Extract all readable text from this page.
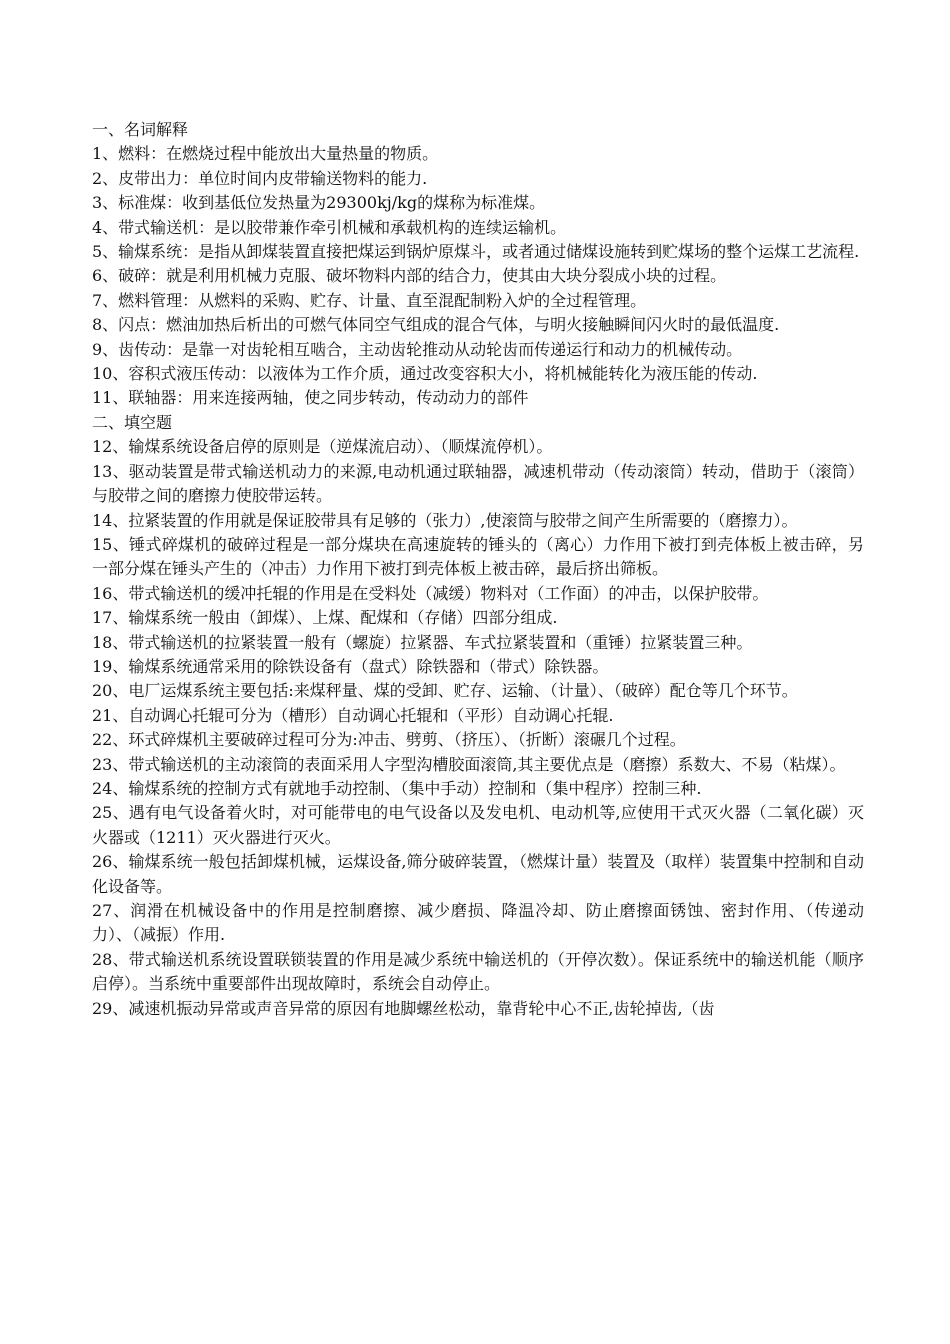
一、名词解释

1、燃料：在燃烧过程中能放出大量热量的物质。

2、皮带出力：单位时间内皮带输送物料的能力.

3、标准煤：收到基低位发热量为29300kj/kg的煤称为标准煤。

4、带式输送机：是以胶带兼作牵引机械和承载机构的连续运输机。

5、输煤系统：是指从卸煤装置直接把煤运到锅炉原煤斗，或者通过储煤设施转到贮煤场的整个运煤工艺流程.

6、破碎：就是利用机械力克服、破坏物料内部的结合力，使其由大块分裂成小块的过程。

7、燃料管理：从燃料的采购、贮存、计量、直至混配制粉入炉的全过程管理。

8、闪点：燃油加热后析出的可燃气体同空气组成的混合气体，与明火接触瞬间闪火时的最低温度.

9、齿传动：是靠一对齿轮相互啮合，主动齿轮推动从动轮齿而传递运行和动力的机械传动。

10、容积式液压传动：以液体为工作介质，通过改变容积大小，将机械能转化为液压能的传动.

11、联轴器：用来连接两轴，使之同步转动，传动动力的部件

二、填空题

12、输煤系统设备启停的原则是（逆煤流启动）、（顺煤流停机）。

13、驱动装置是带式输送机动力的来源,电动机通过联轴器，减速机带动（传动滚筒）转动，借助于（滚筒）与胶带之间的磨擦力使胶带运转。

14、拉紧装置的作用就是保证胶带具有足够的（张力）,使滚筒与胶带之间产生所需要的（磨擦力）。

15、锤式碎煤机的破碎过程是一部分煤块在高速旋转的锤头的（离心）力作用下被打到壳体板上被击碎，另一部分煤在锤头产生的（冲击）力作用下被打到壳体板上被击碎，最后挤出筛板。

16、带式输送机的缓冲托辊的作用是在受料处（减缓）物料对（工作面）的冲击，以保护胶带。

17、输煤系统一般由（卸煤）、上煤、配煤和（存储）四部分组成.

18、带式输送机的拉紧装置一般有（螺旋）拉紧器、车式拉紧装置和（重锤）拉紧装置三种。

19、输煤系统通常采用的除铁设备有（盘式）除铁器和（带式）除铁器。

20、电厂运煤系统主要包括:来煤秤量、煤的受卸、贮存、运输、（计量）、（破碎）配仓等几个环节。

21、自动调心托辊可分为（槽形）自动调心托辊和（平形）自动调心托辊.

22、环式碎煤机主要破碎过程可分为:冲击、劈剪、（挤压）、（折断）滚碾几个过程。

23、带式输送机的主动滚筒的表面采用人字型沟槽胶面滚筒,其主要优点是（磨擦）系数大、不易（粘煤）。

24、输煤系统的控制方式有就地手动控制、（集中手动）控制和（集中程序）控制三种.

25、遇有电气设备着火时，对可能带电的电气设备以及发电机、电动机等,应使用干式灭火器（二氧化碳）灭火器或（1211）灭火器进行灭火。

26、输煤系统一般包括卸煤机械，运煤设备,筛分破碎装置，（燃煤计量）装置及（取样）装置集中控制和自动化设备等。

27、润滑在机械设备中的作用是控制磨擦、减少磨损、降温冷却、防止磨擦面锈蚀、密封作用、（传递动力）、（减振）作用.

28、带式输送机系统设置联锁装置的作用是减少系统中输送机的（开停次数）。保证系统中的输送机能（顺序启停）。当系统中重要部件出现故障时，系统会自动停止。

29、减速机振动异常或声音异常的原因有地脚螺丝松动，靠背轮中心不正,齿轮掉齿,（齿
